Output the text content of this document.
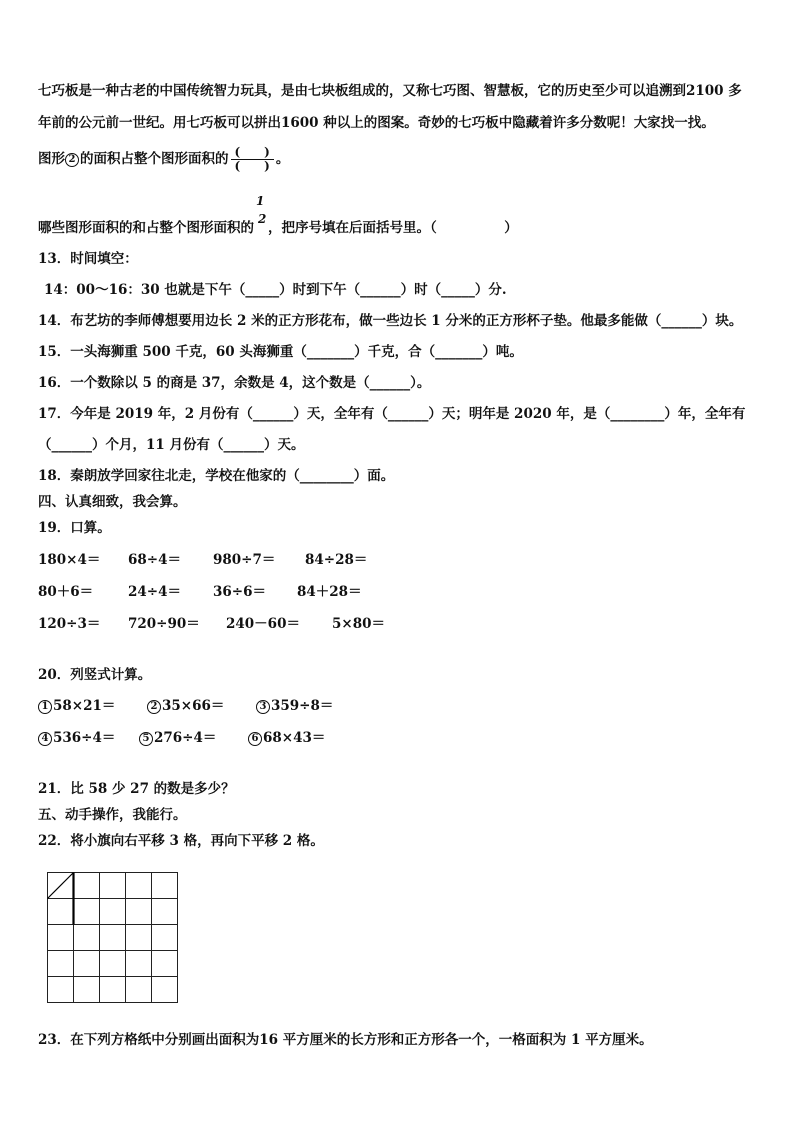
七巧板是一种古老的中国传统智力玩具，是由七块板组成的，又称七巧图、智慧板，它的历史至少可以追溯到2100 多
年前的公元前一世纪。用七巧板可以拼出1600 种以上的图案。奇妙的七巧板中隐藏着许多分数呢！大家找一找。
图形 2 的面积占整个图形面积的 $\frac{( )}{( )}$ 。
哪些图形面积的和占整个图形面积的
1
2
，把序号填在后面括号里。（　　　　　）
13．时间填空：
14：00～16：30 也就是下午（_____）时到下午（______）时（_____）分.
14．布艺坊的李师傅想要用边长 2 米的正方形花布，做一些边长 1 分米的正方形杯子垫。他最多能做（______）块。
15．一头海狮重 500 千克，60 头海狮重（_______）千克，合（_______）吨。
16．一个数除以 5 的商是 37，余数是 4，这个数是（______）。
17．今年是 2019 年，2 月份有（______）天，全年有（______）天；明年是 2020 年，是（________）年，全年有
（______）个月，11 月份有（______）天。
18．秦朗放学回家往北走，学校在他家的（________）面。
四、认真细致，我会算。
19．口算。
180×4＝ 68÷4＝ 980÷7＝ 84÷28＝
80＋6＝	24÷4＝ 36÷6＝ 84＋28＝
120÷3＝ 720÷90＝ 240－60＝ 5×80＝
20．列竖式计算。
1 58×21＝	2 35×66＝	3 359÷8＝
4 536÷4＝	5 276÷4＝	6 68×43＝
21．比 58 少 27 的数是多少？
五、动手操作，我能行。
22．将小旗向右平移 3 格，再向下平移 2 格。
23．在下列方格纸中分别画出面积为16 平方厘米的长方形和正方形各一个，一格面积为 1 平方厘米。
